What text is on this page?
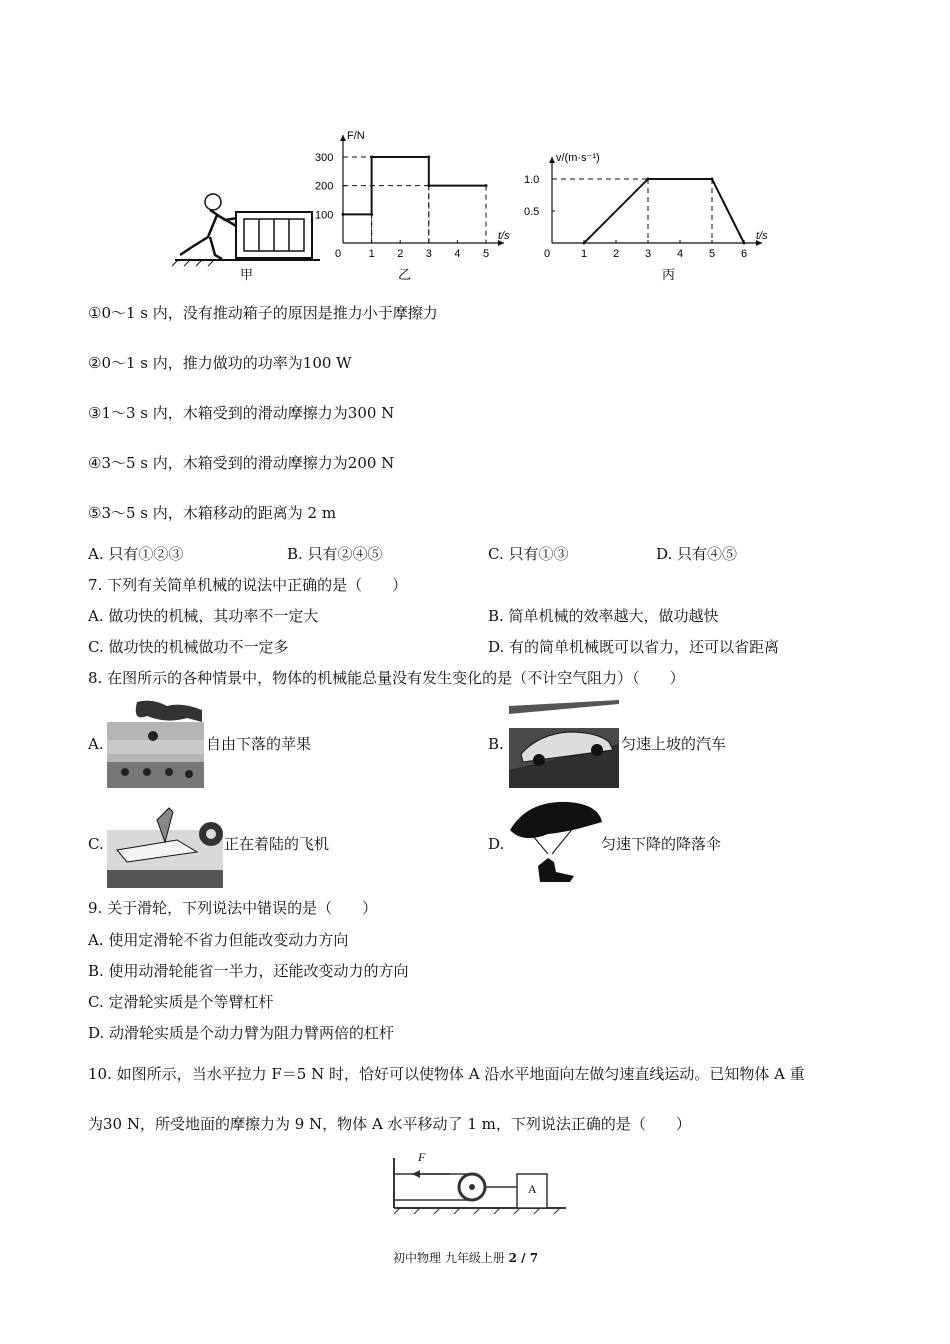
甲
0 1 2 3 4 5
300
200
100
t/s
F/N
乙
0	1 2 3 4 5 6
1.0
0.5
t/s
v/(m·s⁻¹)
丙
①0～1 s 内，没有推动箱子的原因是推力小于摩擦力
②0～1 s 内，推力做功的功率为100 W
③1～3 s 内，木箱受到的滑动摩擦力为300 N
④3～5 s 内，木箱受到的滑动摩擦力为200 N
⑤3～5 s 内，木箱移动的距离为 2 m
A. 只有①②③	B. 只有②④⑤	C. 只有①③	D. 只有④⑤
7. 下列有关简单机械的说法中正确的是（　　）
A. 做功快的机械，其功率不一定大	B. 简单机械的效率越大，做功越快
C. 做功快的机械做功不一定多	D. 有的简单机械既可以省力，还可以省距离
8. 在图所示的各种情景中，物体的机械能总量没有发生变化的是（不计空气阻力）（　　）
A.	自由下落的苹果	B.	匀速上坡的汽车
C.	正在着陆的飞机	D.	匀速下降的降落伞
9. 关于滑轮，下列说法中错误的是（　　）
A. 使用定滑轮不省力但能改变动力方向
B. 使用动滑轮能省一半力，还能改变动力的方向
C. 定滑轮实质是个等臂杠杆
D. 动滑轮实质是个动力臂为阻力臂两倍的杠杆
10. 如图所示，当水平拉力 F＝5 N 时，恰好可以使物体 A 沿水平地面向左做匀速直线运动。已知物体 A 重
为30 N，所受地面的摩擦力为 9 N，物体 A 水平移动了 1 m，下列说法正确的是（　　）
F
A
初中物理 九年级上册 2 / 7
